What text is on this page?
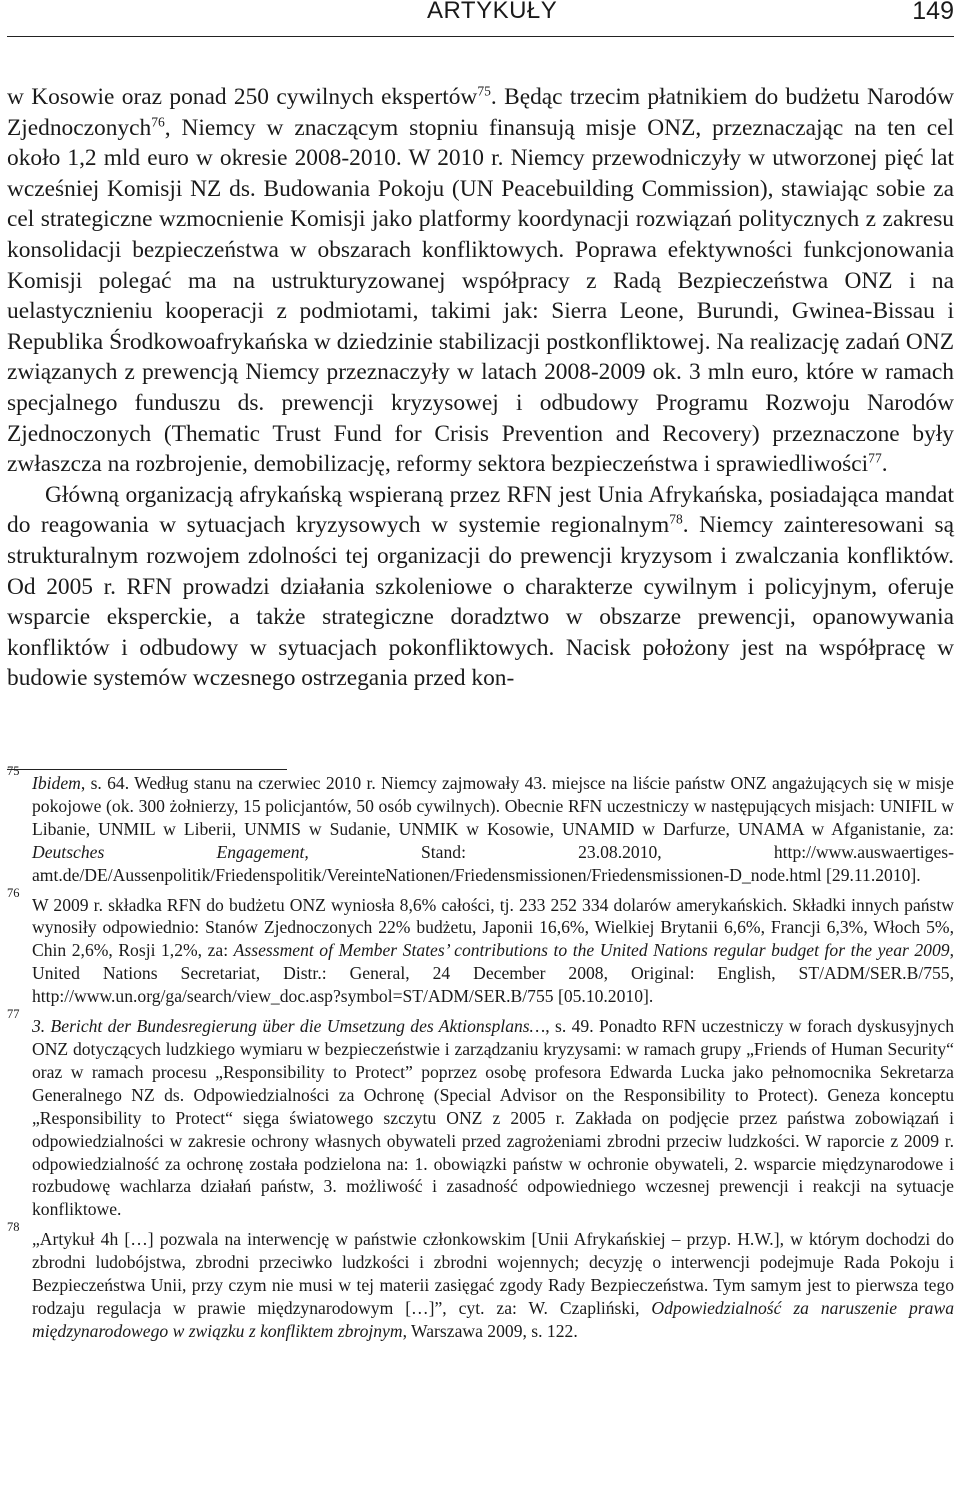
ARTYKUŁY	149

w Kosowie oraz ponad 250 cywilnych ekspertów$^{75}$. Będąc trzecim płatnikiem do budżetu Narodów Zjednoczonych$^{76}$, Niemcy w znaczącym stopniu finansują misje ONZ, przeznaczając na ten cel około 1,2 mld euro w okresie 2008-2010. W 2010 r. Niemcy przewodniczyły w utworzonej pięć lat wcześniej Komisji NZ ds. Budowania Pokoju (UN Peacebuilding Commission), stawiając sobie za cel strategiczne wzmocnienie Komisji jako platformy koordynacji rozwiązań politycznych z zakresu konsolidacji bezpieczeństwa w obszarach konfliktowych. Poprawa efektywności funkcjonowania Komisji polegać ma na ustrukturyzowanej współpracy z Radą Bezpieczeństwa ONZ i na uelastycznieniu kooperacji z podmiotami, takimi jak: Sierra Leone, Burundi, Gwinea-Bissau i Republika Środkowoafrykańska w dziedzinie stabilizacji postkonfliktowej. Na realizację zadań ONZ związanych z prewencją Niemcy przeznaczyły w latach 2008-2009 ok. 3 mln euro, które w ramach specjalnego funduszu ds. prewencji kryzysowej i odbudowy Programu Rozwoju Narodów Zjednoczonych (Thematic Trust Fund for Crisis Prevention and Recovery) przeznaczone były zwłaszcza na rozbrojenie, demobilizację, reformy sektora bezpieczeństwa i sprawiedliwości$^{77}$.

Główną organizacją afrykańską wspieraną przez RFN jest Unia Afrykańska, posiadająca mandat do reagowania w sytuacjach kryzysowych w systemie regionalnym$^{78}$. Niemcy zainteresowani są strukturalnym rozwojem zdolności tej organizacji do prewencji kryzysom i zwalczania konfliktów. Od 2005 r. RFN prowadzi działania szkoleniowe o charakterze cywilnym i policyjnym, oferuje wsparcie eksperckie, a także strategiczne doradztwo w obszarze prewencji, opanowywania konfliktów i odbudowy w sytuacjach pokonfliktowych. Nacisk położony jest na współpracę w budowie systemów wczesnego ostrzegania przed kon-

75

Ibidem, s. 64. Według stanu na czerwiec 2010 r. Niemcy zajmowały 43. miejsce na liście państw ONZ angażujących się w misje pokojowe (ok. 300 żołnierzy, 15 policjantów, 50 osób cywilnych). Obecnie RFN uczestniczy w następujących misjach: UNIFIL w Libanie, UNMIL w Liberii, UNMIS w Sudanie, UNMIK w Kosowie, UNAMID w Darfurze, UNAMA w Afganistanie, za: Deutsches Engagement, Stand: 23.08.2010, http://www.auswaertiges-amt.de/DE/Aussenpolitik/Friedenspolitik/VereinteNationen/Friedensmissionen/Friedensmissionen-D_node.html [29.11.2010].

76

W 2009 r. składka RFN do budżetu ONZ wyniosła 8,6% całości, tj. 233 252 334 dolarów amerykańskich. Składki innych państw wynosiły odpowiednio: Stanów Zjednoczonych 22% budżetu, Japonii 16,6%, Wielkiej Brytanii 6,6%, Francji 6,3%, Włoch 5%, Chin 2,6%, Rosji 1,2%, za: Assessment of Member States’ contributions to the United Nations regular budget for the year 2009, United Nations Secretariat, Distr.: General, 24 December 2008, Original: English, ST/ADM/SER.B/755, http://www.un.org/ga/search/view_doc.asp?symbol=ST/ADM/SER.B/755 [05.10.2010].

77

3. Bericht der Bundesregierung über die Umsetzung des Aktionsplans…, s. 49. Ponadto RFN uczestniczy w forach dyskusyjnych ONZ dotyczących ludzkiego wymiaru w bezpieczeństwie i zarządzaniu kryzysami: w ramach grupy „Friends of Human Security“ oraz w ramach procesu „Responsibility to Protect” poprzez osobę profesora Edwarda Lucka jako pełnomocnika Sekretarza Generalnego NZ ds. Odpowiedzialności za Ochronę (Special Advisor on the Responsibility to Protect). Geneza konceptu „Responsibility to Protect“ sięga światowego szczytu ONZ z 2005 r. Zakłada on podjęcie przez państwa zobowiązań i odpowiedzialności w zakresie ochrony własnych obywateli przed zagrożeniami zbrodni przeciw ludzkości. W raporcie z 2009 r. odpowiedzialność za ochronę została podzielona na: 1. obowiązki państw w ochronie obywateli, 2. wsparcie międzynarodowe i rozbudowę wachlarza działań państw, 3. możliwość i zasadność odpowiedniego wczesnej prewencji i reakcji na sytuacje konfliktowe.

78

„Artykuł 4h […] pozwala na interwencję w państwie członkowskim [Unii Afrykańskiej – przyp. H.W.], w którym dochodzi do zbrodni ludobójstwa, zbrodni przeciwko ludzkości i zbrodni wojennych; decyzję o interwencji podejmuje Rada Pokoju i Bezpieczeństwa Unii, przy czym nie musi w tej materii zasięgać zgody Rady Bezpieczeństwa. Tym samym jest to pierwsza tego rodzaju regulacja w prawie międzynarodowym […]”, cyt. za: W. Czapliński, Odpowiedzialność za naruszenie prawa międzynarodowego w związku z konfliktem zbrojnym, Warszawa 2009, s. 122.
